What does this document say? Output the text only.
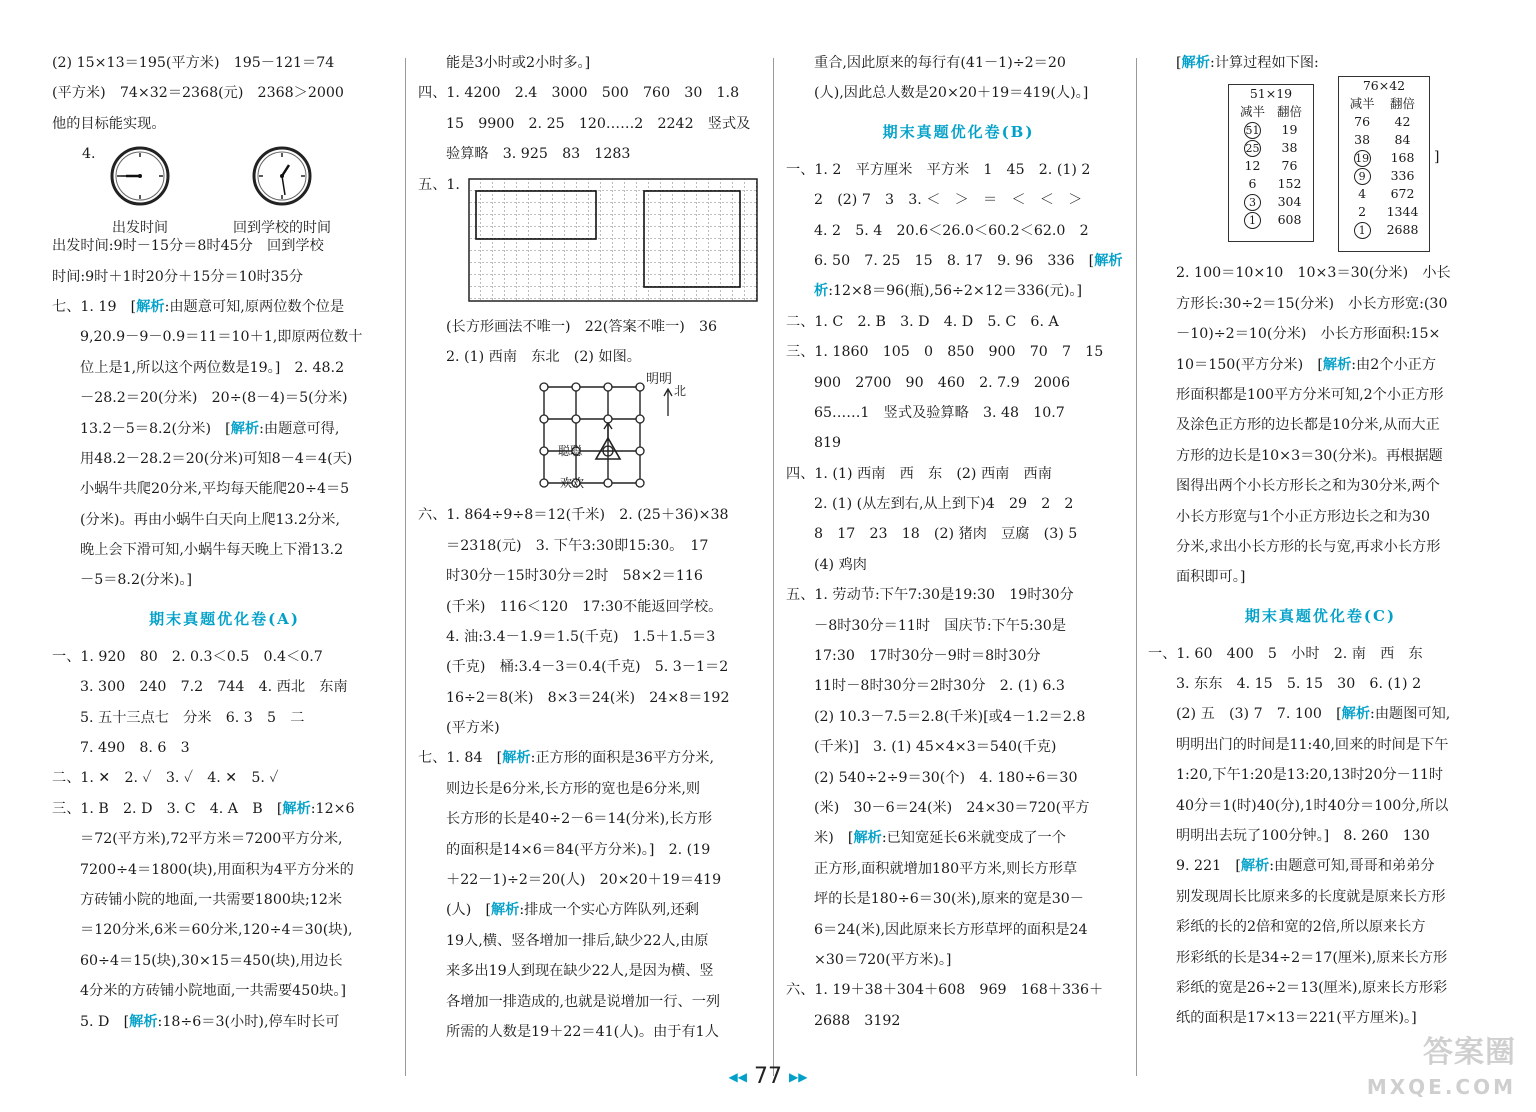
(2) 15×13＝195(平方米)　195－121＝74
(平方米)　74×32＝2368(元)　2368＞2000
他的目标能实现。
4.
出发时间	回到学校的时间
出发时间:9时－15分＝8时45分　回到学校
时间:9时＋1时20分＋15分＝10时35分
七、1. 19　[解析:由题意可知,原两位数个位是
9,20.9－9－0.9＝11＝10＋1,即原两位数十
位上是1,所以这个两位数是19。]　2. 48.2
－28.2＝20(分米)　20÷(8－4)＝5(分米)
13.2－5＝8.2(分米)　[解析:由题意可得,
用48.2－28.2＝20(分米)可知8－4＝4(天)
小蜗牛共爬20分米,平均每天能爬20÷4＝5
(分米)。再由小蜗牛白天向上爬13.2分米,
晚上会下滑可知,小蜗牛每天晚上下滑13.2
－5＝8.2(分米)。]
期末真题优化卷(A)
一、1. 920　80　2. 0.3＜0.5　0.4＜0.7
3. 300　240　7.2　744　4. 西北　东南
5. 五十三点七　分米　6. 3　5　二
7. 490　8. 6　3
二、1. ✕　2. ✓　3. ✓　4. ✕　5. ✓
三、1. B　2. D　3. C　4. A　B　[解析:12×6
＝72(平方米),72平方米＝7200平方分米,
7200÷4＝1800(块),用面积为4平方分米的
方砖铺小院的地面,一共需要1800块;12米
＝120分米,6米＝60分米,120÷4＝30(块),
60÷4＝15(块),30×15＝450(块),用边长
4分米的方砖铺小院地面,一共需要450块。]
5. D　[解析:18÷6＝3(小时),停车时长可
能是3小时或2小时多。]
四、1. 4200　2.4　3000　500　760　30　1.8
15　9900　2. 25　120……2　2242　竖式及
验算略　3. 925　83　1283
五、1.
(长方形画法不唯一)　22(答案不唯一)　36
2. (1) 西南　东北　(2) 如图。
明明
北
聪聪
欢欢
六、1. 864÷9÷8＝12(千米)　2. (25＋36)×38
＝2318(元)　3. 下午3:30即15:30。　17
时30分－15时30分＝2时　58×2＝116
(千米)　116＜120　17:30不能返回学校。
4. 油:3.4－1.9＝1.5(千克)　1.5＋1.5＝3
(千克)　桶:3.4－3＝0.4(千克)　5. 3－1＝2
16÷2＝8(米)　8×3＝24(米)　24×8＝192
(平方米)
七、1. 84　[解析:正方形的面积是36平方分米,
则边长是6分米,长方形的宽也是6分米,则
长方形的长是40÷2－6＝14(分米),长方形
的面积是14×6＝84(平方分米)。]　2. (19
＋22－1)÷2＝20(人)　20×20＋19＝419
(人)　[解析:排成一个实心方阵队列,还剩
19人,横、竖各增加一排后,缺少22人,由原
来多出19人到现在缺少22人,是因为横、竖
各增加一排造成的,也就是说增加一行、一列
所需的人数是19＋22＝41(人)。由于有1人
重合,因此原来的每行有(41－1)÷2＝20
(人),因此总人数是20×20＋19＝419(人)。]
期末真题优化卷(B)
一、1. 2　平方厘米　平方米　1　45　2. (1) 2
2　(2) 7　3　3. ＜　＞　＝　＜　＜　＞
4. 2　5. 4　20.6＜26.0＜60.2＜62.0　2
6. 50　7. 25　15　8. 17　9. 96　336　[解析
析:12×8＝96(瓶),56÷2×12＝336(元)。]
二、1. C　2. B　3. D　4. D　5. C　6. A
三、1. 1860　105　0　850　900　70　7　15
900　2700　90　460　2. 7.9　2006
65……1　竖式及验算略　3. 48　10.7
819
四、1. (1) 西南　西　东　(2) 西南　西南
2. (1) (从左到右,从上到下)4　29　2　2
8　17　23　18　(2) 猪肉　豆腐　(3) 5
(4) 鸡肉
五、1. 劳动节:下午7:30是19:30　19时30分
－8时30分＝11时　国庆节:下午5:30是
17:30　17时30分－9时＝8时30分
11时－8时30分＝2时30分　2. (1) 6.3
(2) 10.3－7.5＝2.8(千米)[或4－1.2＝2.8
(千米)]　3. (1) 45×4×3＝540(千克)
(2) 540÷2÷9＝30(个)　4. 180÷6＝30
(米)　30－6＝24(米)　24×30＝720(平方
米)　[解析:已知宽延长6米就变成了一个
正方形,面积就增加180平方米,则长方形草
坪的长是180÷6＝30(米),原来的宽是30－
6＝24(米),因此原来长方形草坪的面积是24
×30＝720(平方米)。]
六、1. 19＋38＋304＋608　969　168＋336＋
2688　3192
[解析:计算过程如下图:
51×19
减半	翻倍
51	19
25	38
12	76
6	152
3	304
1	608
76×42
减半	翻倍
76	42
38	84
19	168
9	336
4	672
2	1344
1	2688
]
2. 100＝10×10　10×3＝30(分米)　小长
方形长:30÷2＝15(分米)　小长方形宽:(30
－10)÷2＝10(分米)　小长方形面积:15×
10＝150(平方分米)　[解析:由2个小正方
形面积都是100平方分米可知,2个小正方形
及涂色正方形的边长都是10分米,从而大正
方形的边长是10×3＝30(分米)。再根据题
图得出两个小长方形长之和为30分米,两个
小长方形宽与1个小正方形边长之和为30
分米,求出小长方形的长与宽,再求小长方形
面积即可。]
期末真题优化卷(C)
一、1. 60　400　5　小时　2. 南　西　东
3. 东东　4. 15　5. 15　30　6. (1) 2
(2) 五　(3) 7　7. 100　[解析:由题图可知,
明明出门的时间是11:40,回来的时间是下午
1:20,下午1:20是13:20,13时20分－11时
40分＝1(时)40(分),1时40分＝100分,所以
明明出去玩了100分钟。]　8. 260　130
9. 221　[解析:由题意可知,哥哥和弟弟分
别发现周长比原来多的长度就是原来长方形
彩纸的长的2倍和宽的2倍,所以原来长方
形彩纸的长是34÷2＝17(厘米),原来长方形
彩纸的宽是26÷2＝13(厘米),原来长方形彩
纸的面积是17×13＝221(平方厘米)。]
◀◀ 77 ▶▶
答案圈
MXQE.COM
